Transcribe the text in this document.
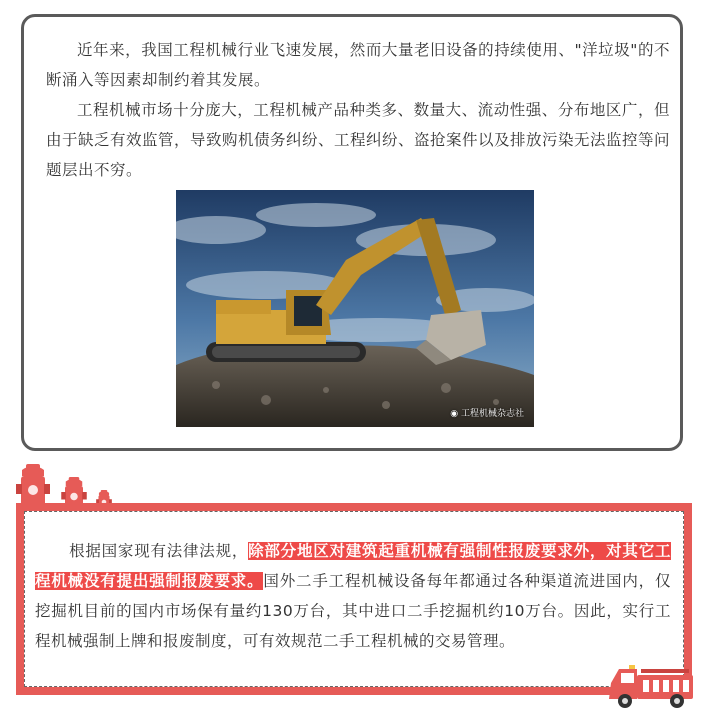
近年来，我国工程机械行业飞速发展，然而大量老旧设备的持续使用、"洋垃圾"的不断涌入等因素却制约着其发展。

工程机械市场十分庞大，工程机械产品种类多、数量大、流动性强、分布地区广，但由于缺乏有效监管，导致购机债务纠纷、工程纠纷、盗抢案件以及排放污染无法监控等问题层出不穷。

◉ 工程机械杂志社

根据国家现有法律法规，除部分地区对建筑起重机械有强制性报废要求外，对其它工程机械没有提出强制报废要求。国外二手工程机械设备每年都通过各种渠道流进国内，仅挖掘机目前的国内市场保有量约130万台，其中进口二手挖掘机约10万台。因此，实行工程机械强制上牌和报废制度，可有效规范二手工程机械的交易管理。
